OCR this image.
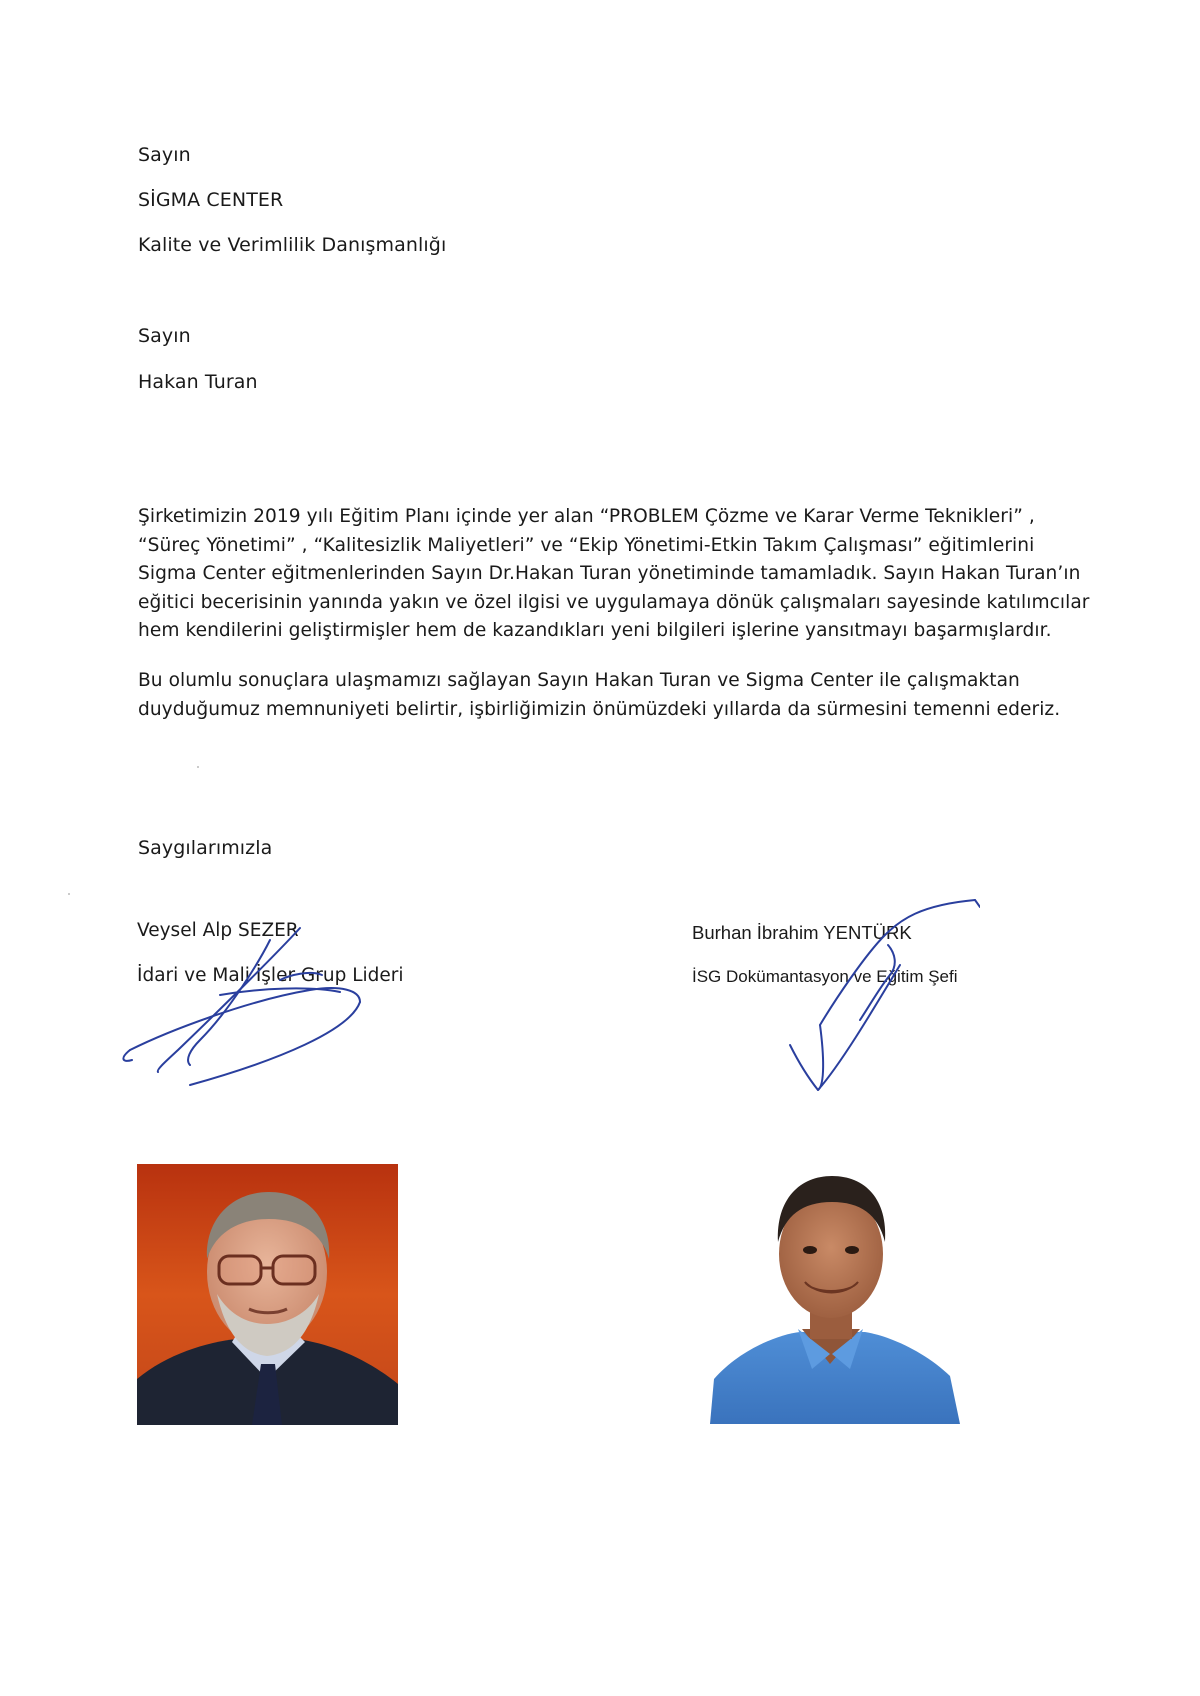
Sayın
SİGMA CENTER
Kalite ve Verimlilik Danışmanlığı
Sayın
Hakan Turan

Şirketimizin 2019 yılı Eğitim Planı içinde yer alan “PROBLEM Çözme ve Karar Verme Teknikleri” ,

“Süreç Yönetimi” , “Kalitesizlik Maliyetleri” ve “Ekip Yönetimi-Etkin Takım Çalışması” eğitimlerini

Sigma Center eğitmenlerinden Sayın Dr.Hakan Turan yönetiminde tamamladık. Sayın Hakan Turan’ın

eğitici becerisinin yanında yakın ve özel ilgisi ve uygulamaya dönük çalışmaları sayesinde katılımcılar

hem kendilerini geliştirmişler hem de kazandıkları yeni bilgileri işlerine yansıtmayı başarmışlardır.

Bu olumlu sonuçlara ulaşmamızı sağlayan Sayın Hakan Turan ve Sigma Center ile çalışmaktan

duyduğumuz memnuniyeti belirtir, işbirliğimizin önümüzdeki yıllarda da sürmesini temenni ederiz.

Saygılarımızla
Veysel Alp SEZER
İdari ve Mali İşler Grup Lideri
Burhan İbrahim YENTÜRK
İSG Dokümantasyon ve Eğitim Şefi
